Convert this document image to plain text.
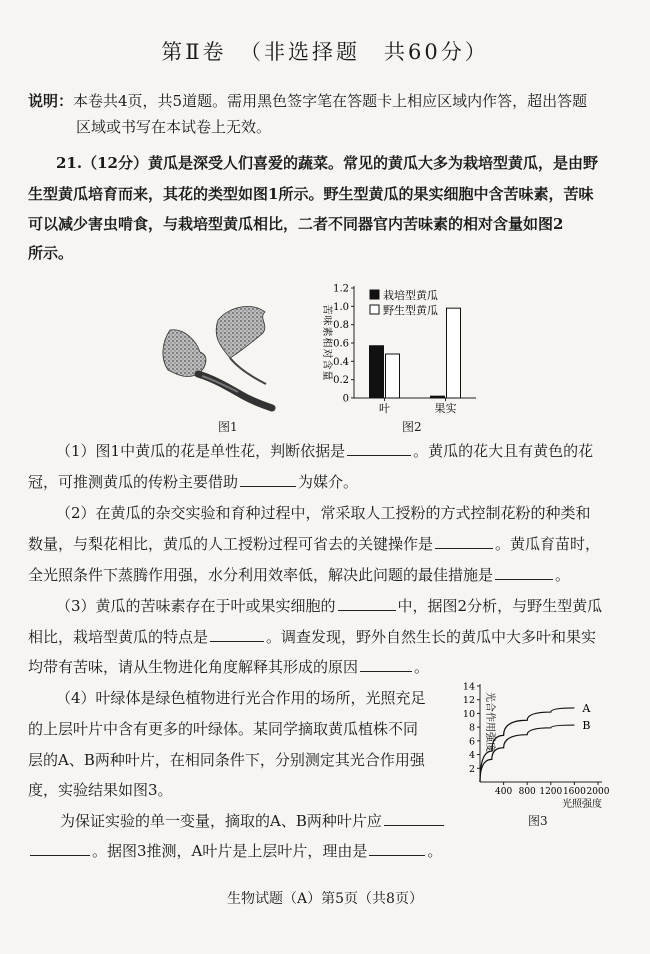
第Ⅱ卷　（非选择题　共60分）
说明：本卷共4页，共5道题。需用黑色签字笔在答题卡上相应区域内作答，超出答题
区域或书写在本试卷上无效。
21.（12分）黄瓜是深受人们喜爱的蔬菜。常见的黄瓜大多为栽培型黄瓜，是由野
生型黄瓜培育而来，其花的类型如图1所示。野生型黄瓜的果实细胞中含苦味素，苦味
可以减少害虫啃食，与栽培型黄瓜相比，二者不同器官内苦味素的相对含量如图2
所示。
图1
0
0.2
0.4
0.6
0.8
1.0
1.2
苦味素相对含量
叶	果实
栽培型黄瓜
野生型黄瓜
图2
（1）图1中黄瓜的花是单性花，判断依据是	。黄瓜的花大且有黄色的花
冠，可推测黄瓜的传粉主要借助	为媒介。
（2）在黄瓜的杂交实验和育种过程中，常采取人工授粉的方式控制花粉的种类和
数量，与梨花相比，黄瓜的人工授粉过程可省去的关键操作是	。黄瓜育苗时，
全光照条件下蒸腾作用强，水分利用效率低，解决此问题的最佳措施是	。
（3）黄瓜的苦味素存在于叶或果实细胞的	中，据图2分析，与野生型黄瓜
相比，栽培型黄瓜的特点是	。调查发现，野外自然生长的黄瓜中大多叶和果实
均带有苦味，请从生物进化角度解释其形成的原因	。
（4）叶绿体是绿色植物进行光合作用的场所，光照充足
的上层叶片中含有更多的叶绿体。某同学摘取黄瓜植株不同
层的A、B两种叶片，在相同条件下，分别测定其光合作用强
度，实验结果如图3。
为保证实验的单一变量，摘取的A、B两种叶片应
。据图3推测，A叶片是上层叶片，理由是	。
2
4
6
8
10
12
14
400 800 1200 1600 2000
光合作用强度
光照强度
A
B
图3
生物试题（A）第5页（共8页）
